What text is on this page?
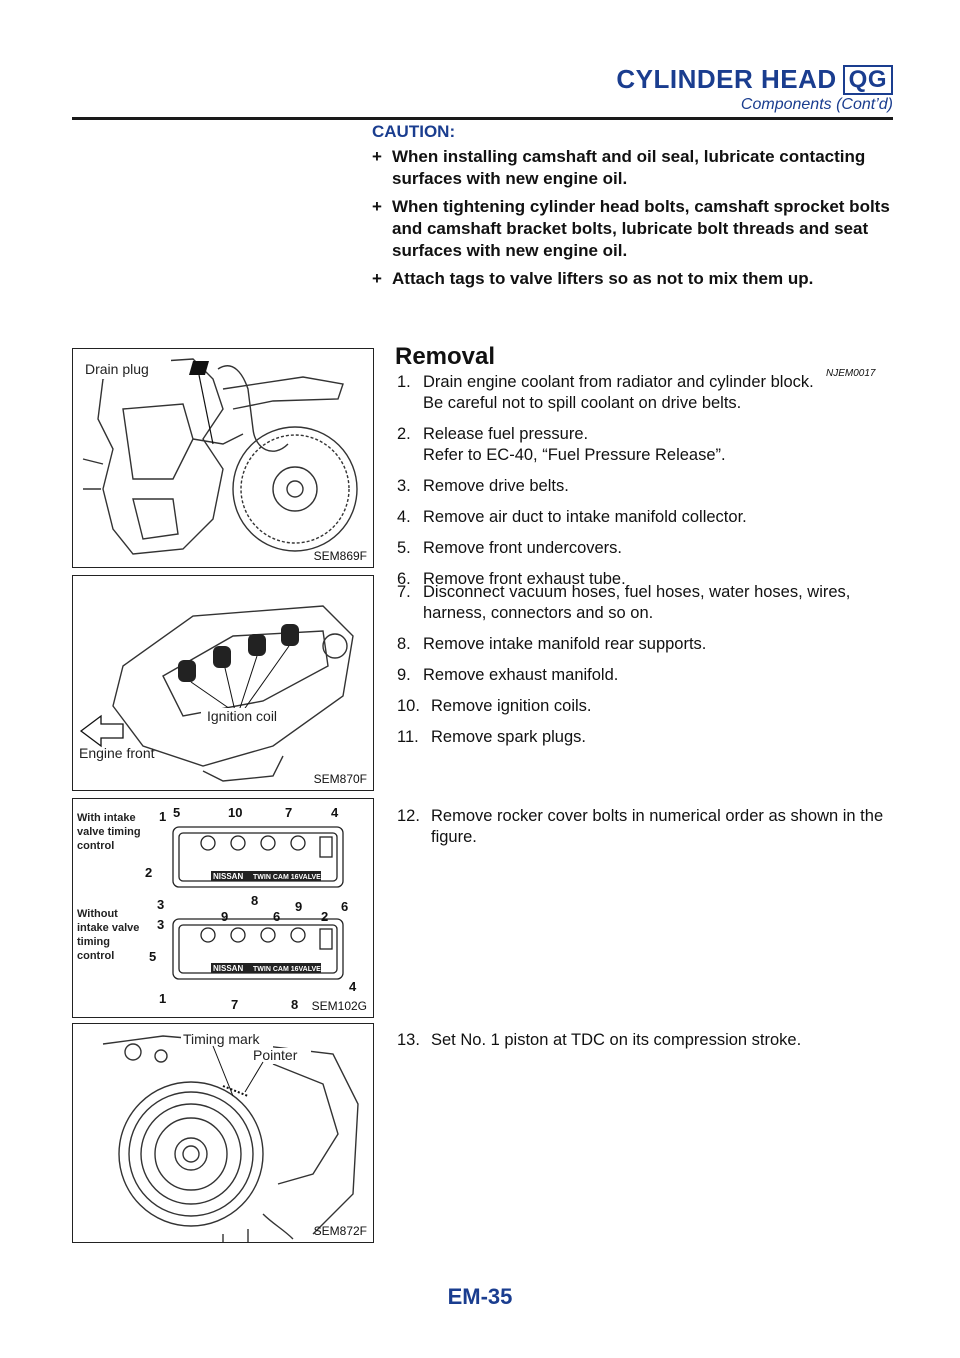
CYLINDER HEAD QG
Components (Cont’d)
CAUTION:
+ When installing camshaft and oil seal, lubricate contacting surfaces with new engine oil.
+ When tightening cylinder head bolts, camshaft sprocket bolts and camshaft bracket bolts, lubricate bolt threads and seat surfaces with new engine oil.
+ Attach tags to valve lifters so as not to mix them up.
Removal
NJEM0017
Drain plug
SEM869F
Ignition coil
Engine front
SEM870F
With intake
valve timing
control
Without
intake valve
timing
control
NISSAN TWIN CAM 16VALVE
NISSAN TWIN CAM 16VALVE
1 5	10	7	4
2
3	8	9	6
9	6	2
3
5
1	7	8
4
SEM102G
Timing mark
Pointer
SEM872F
1. Drain engine coolant from radiator and cylinder block.
Be careful not to spill coolant on drive belts.
2. Release fuel pressure.
Refer to EC-40, “Fuel Pressure Release”.
3. Remove drive belts.
4. Remove air duct to intake manifold collector.
5. Remove front undercovers.
6. Remove front exhaust tube.
7. Disconnect vacuum hoses, fuel hoses, water hoses, wires, harness, connectors and so on.
8. Remove intake manifold rear supports.
9. Remove exhaust manifold.
10. Remove ignition coils.
11. Remove spark plugs.
12. Remove rocker cover bolts in numerical order as shown in the figure.
13. Set No. 1 piston at TDC on its compression stroke.
EM-35
